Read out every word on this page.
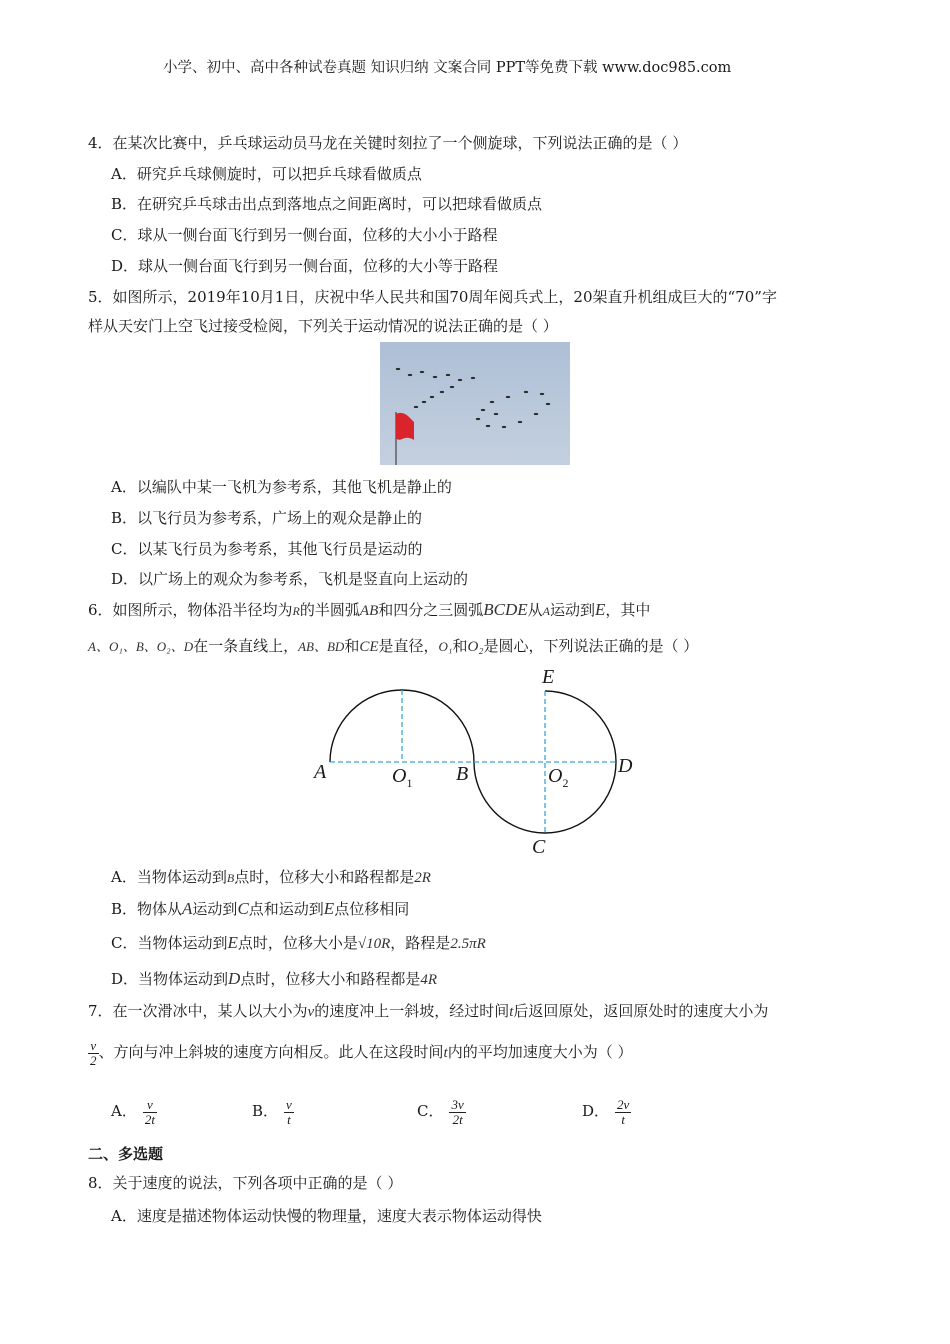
小学、初中、高中各种试卷真题 知识归纳 文案合同 PPT等免费下载 www.doc985.com
4．在某次比赛中，乒乓球运动员马龙在关键时刻拉了一个侧旋球，下列说法正确的是（ ）
A．研究乒乓球侧旋时，可以把乒乓球看做质点
B．在研究乒乓球击出点到落地点之间距离时，可以把球看做质点
C．球从一侧台面飞行到另一侧台面，位移的大小小于路程
D．球从一侧台面飞行到另一侧台面，位移的大小等于路程
5．如图所示，2019年10月1日，庆祝中华人民共和国70周年阅兵式上，20架直升机组成巨大的“70”字
样从天安门上空飞过接受检阅，下列关于运动情况的说法正确的是（ ）
A．以编队中某一飞机为参考系，其他飞机是静止的
B．以飞行员为参考系，广场上的观众是静止的
C．以某飞行员为参考系，其他飞行员是运动的
D．以广场上的观众为参考系，飞机是竖直向上运动的
6．如图所示，物体沿半径均为R的半圆弧AB和四分之三圆弧BCDE从A运动到E，其中
A、O₁、B、O₂、D在一条直线上，AB、BD和CE是直径，O₁和O₂是圆心，下列说法正确的是（ ）
A	$O_1$ B	$O_2$
D
E
C
A．当物体运动到B点时，位移大小和路程都是2R
B．物体从A运动到C点和运动到E点位移相同
C．当物体运动到E点时，位移大小是√10R，路程是2.5πR
D．当物体运动到D点时，位移大小和路程都是4R
7．在一次滑冰中，某人以大小为v的速度冲上一斜坡，经过时间t后返回原处，返回原处时的速度大小为
$\frac{v}{2}$ 、方向与冲上斜坡的速度方向相反。此人在这段时间t内的平均加速度大小为（ ）
A． $\frac{v}{2t}$	B． $\frac{v}{t}$	C． $\frac{3v}{2t}$	D． $\frac{2v}{t}$
二、多选题
8．关于速度的说法，下列各项中正确的是（ ）
A．速度是描述物体运动快慢的物理量，速度大表示物体运动得快
